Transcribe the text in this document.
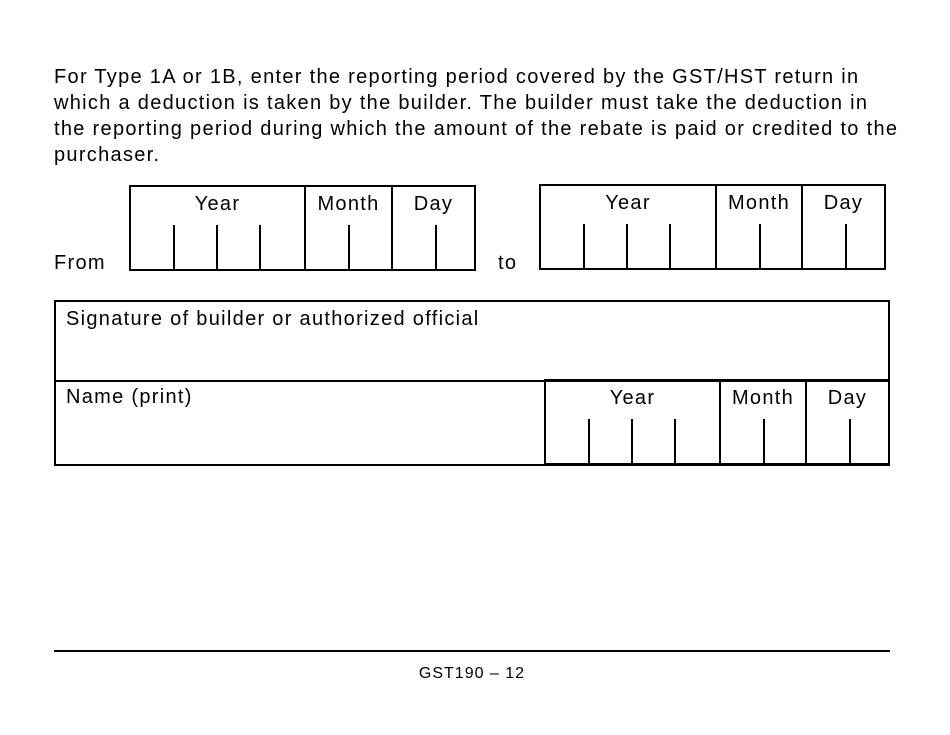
For Type 1A or 1B, enter the reporting period covered by the GST/HST return in which a deduction is taken by the builder. The builder must take the deduction in the reporting period during which the amount of the rebate is paid or credited to the purchaser.

From
Year	Month	Day
to
Year	Month	Day
Signature of builder or authorized official
Name (print)	Year	Month	Day
GST190 – 12
